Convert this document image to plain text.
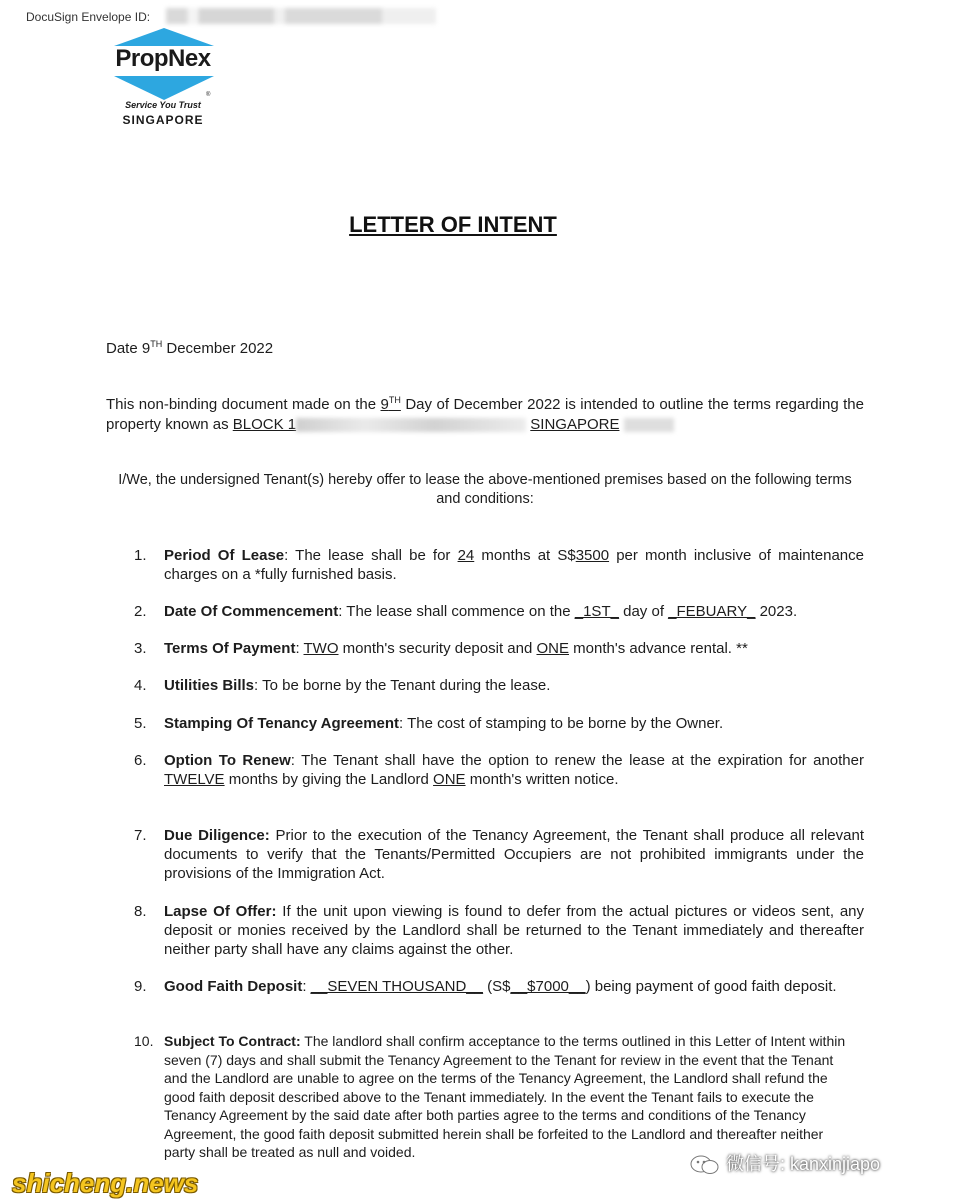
DocuSign Envelope ID:
PropNex
®
Service You Trust
SINGAPORE
LETTER OF INTENT
Date 9TH December 2022
This non-binding document made on the 9TH Day of December 2022 is intended to outline the terms regarding the property known as BLOCK 1	SINGAPORE
I/We, the undersigned Tenant(s) hereby offer to lease the above-mentioned premises based on the following terms and conditions:
1.	Period Of Lease: The lease shall be for 24 months at S$3500 per month inclusive of maintenance charges on a *fully furnished basis.
2.	Date Of Commencement: The lease shall commence on the _1ST_ day of _FEBUARY_ 2023.
3.	Terms Of Payment: TWO month's security deposit and ONE month's advance rental. **
4.	Utilities Bills: To be borne by the Tenant during the lease.
5.	Stamping Of Tenancy Agreement: The cost of stamping to be borne by the Owner.
6.	Option To Renew: The Tenant shall have the option to renew the lease at the expiration for another TWELVE months by giving the Landlord ONE month's written notice.
7.	Due Diligence: Prior to the execution of the Tenancy Agreement, the Tenant shall produce all relevant documents to verify that the Tenants/Permitted Occupiers are not prohibited immigrants under the provisions of the Immigration Act.
8.	Lapse Of Offer: If the unit upon viewing is found to defer from the actual pictures or videos sent, any deposit or monies received by the Landlord shall be returned to the Tenant immediately and thereafter neither party shall have any claims against the other.
9.	Good Faith Deposit: __SEVEN THOUSAND__ (S$__$7000__) being payment of good faith deposit.
10. Subject To Contract: The landlord shall confirm acceptance to the terms outlined in this Letter of Intent within seven (7) days and shall submit the Tenancy Agreement to the Tenant for review in the event that the Tenant and the Landlord are unable to agree on the terms of the Tenancy Agreement, the Landlord shall refund the good faith deposit described above to the Tenant immediately. In the event the Tenant fails to execute the Tenancy Agreement by the said date after both parties agree to the terms and conditions of the Tenancy Agreement, the good faith deposit submitted herein shall be forfeited to the Landlord and thereafter neither party shall be treated as null and voided.
shicheng.news
微信号: kanxinjiapo
